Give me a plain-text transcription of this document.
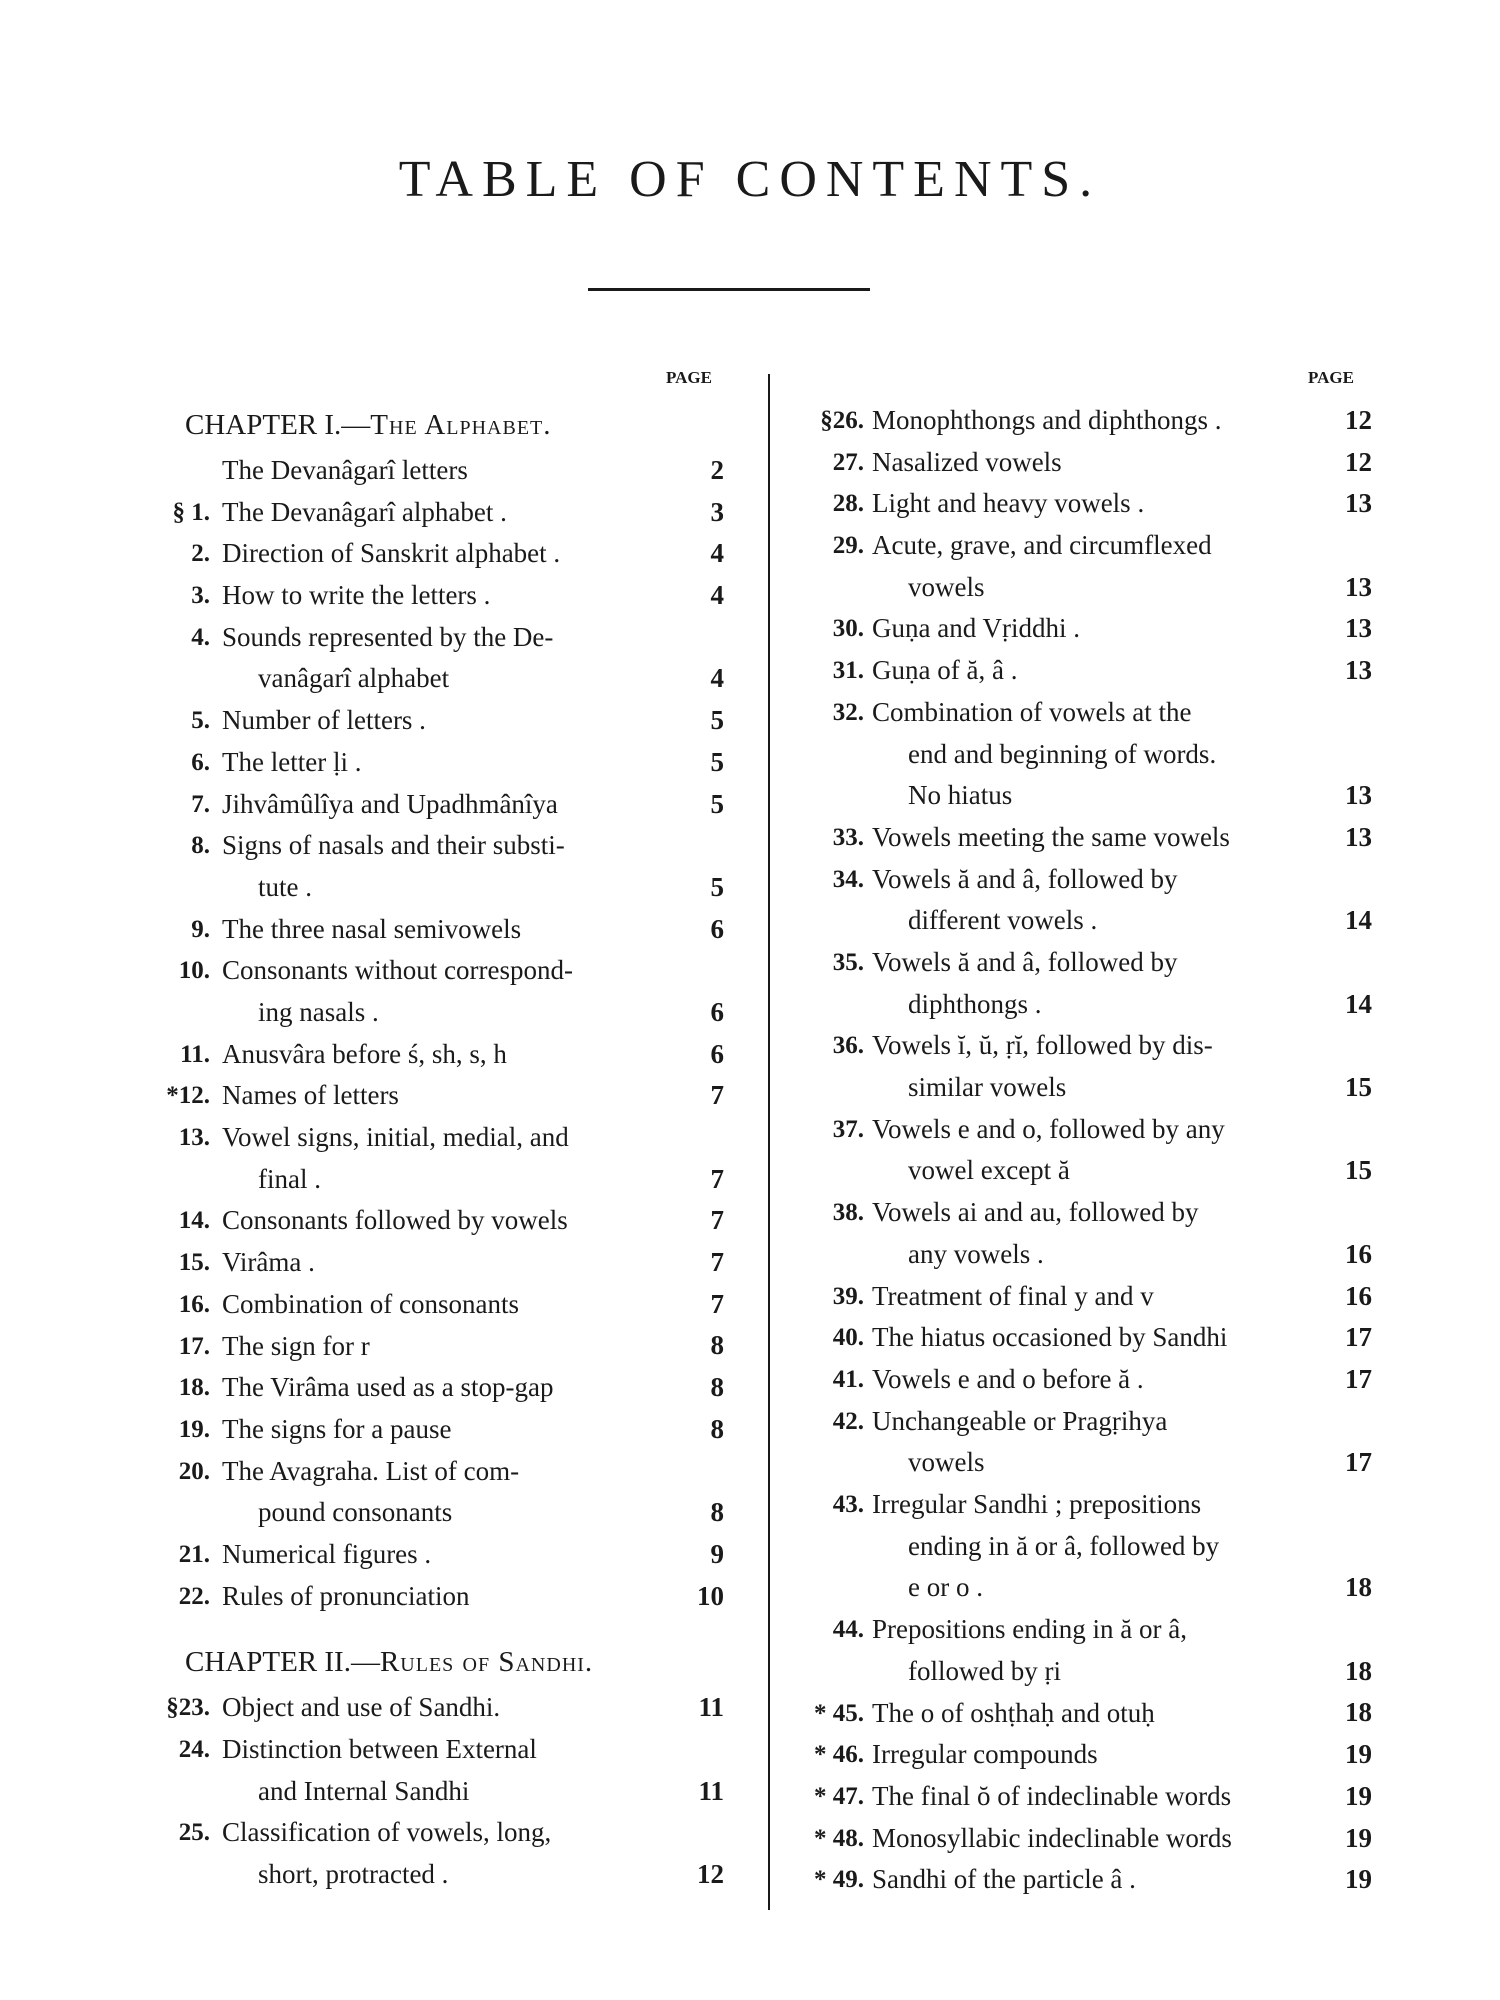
TABLE OF CONTENTS.
PAGE	PAGE
CHAPTER I.—The Alphabet.
The Devanâgarî letters	2
§ 1. The Devanâgarî alphabet .	3
2. Direction of Sanskrit alphabet .	4
3. How to write the letters .	4
4. Sounds represented by the De-
vanâgarî alphabet	4
5. Number of letters .	5
6. The letter ḷi .	5
7. Jihvâmûlîya and Upadhmânîya	5
8. Signs of nasals and their substi-
tute .	5
9. The three nasal semivowels	6
10. Consonants without correspond-
ing nasals .	6
11. Anusvâra before ś, sh, s, h	6
*12. Names of letters	7
13. Vowel signs, initial, medial, and
final .	7
14. Consonants followed by vowels	7
15. Virâma .	7
16. Combination of consonants	7
17. The sign for r	8
18. The Virâma used as a stop-gap	8
19. The signs for a pause	8
20. The Avagraha. List of com-
pound consonants	8
21. Numerical figures .	9
22. Rules of pronunciation	10
CHAPTER II.—Rules of Sandhi.
§23. Object and use of Sandhi.	11
24. Distinction between External
and Internal Sandhi	11
25. Classification of vowels, long,
short, protracted .	12
§26. Monophthongs and diphthongs .	12
27. Nasalized vowels	12
28. Light and heavy vowels .	13
29. Acute, grave, and circumflexed
vowels	13
30. Guṇa and Vṛiddhi .	13
31. Guṇa of ă, â .	13
32. Combination of vowels at the
end and beginning of words.
No hiatus	13
33. Vowels meeting the same vowels	13
34. Vowels ă and â, followed by
different vowels .	14
35. Vowels ă and â, followed by
diphthongs .	14
36. Vowels ĭ, ŭ, ṛĭ, followed by dis-
similar vowels	15
37. Vowels e and o, followed by any
vowel except ă	15
38. Vowels ai and au, followed by
any vowels .	16
39. Treatment of final y and v	16
40. The hiatus occasioned by Sandhi	17
41. Vowels e and o before ă .	17
42. Unchangeable or Pragṛihya
vowels	17
43. Irregular Sandhi ; prepositions
ending in ă or â, followed by
e or o .	18
44. Prepositions ending in ă or â,
followed by ṛi	18
* 45. The o of oshṭhaḥ and otuḥ	18
* 46. Irregular compounds	19
* 47. The final ŏ of indeclinable words	19
* 48. Monosyllabic indeclinable words	19
* 49. Sandhi of the particle â .	19
